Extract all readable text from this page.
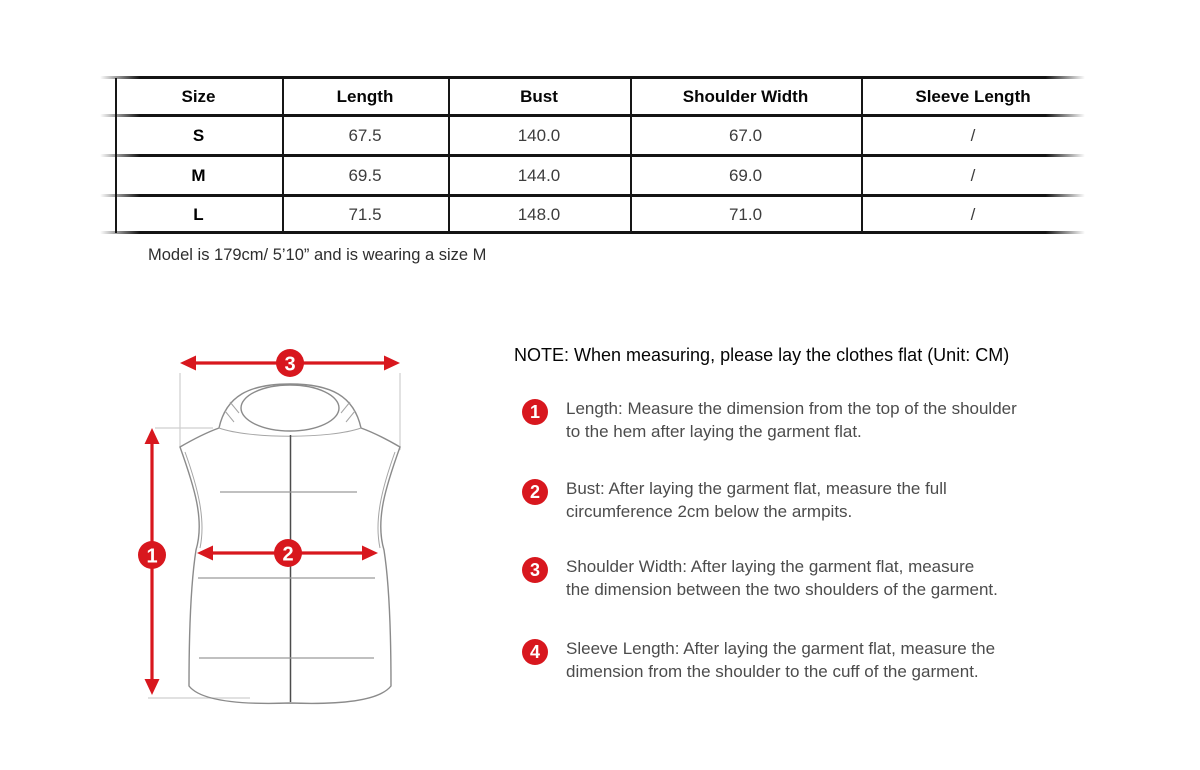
Size	Length	Bust	Shoulder Width	Sleeve Length
S	67.5	140.0	67.0	/
M	69.5	144.0	69.0	/
L	71.5	148.0	71.0	/
Model is 179cm/ 5’10” and is wearing a size M
3
1	2
NOTE: When measuring, please lay the clothes flat (Unit: CM)
1	Length: Measure the dimension from the top of the shoulder
to the hem after laying the garment flat.
2	Bust: After laying the garment flat, measure the full
circumference 2cm below the armpits.
3	Shoulder Width: After laying the garment flat, measure
the dimension between the two shoulders of the garment.
4	Sleeve Length: After laying the garment flat, measure the
dimension from the shoulder to the cuff of the garment.
